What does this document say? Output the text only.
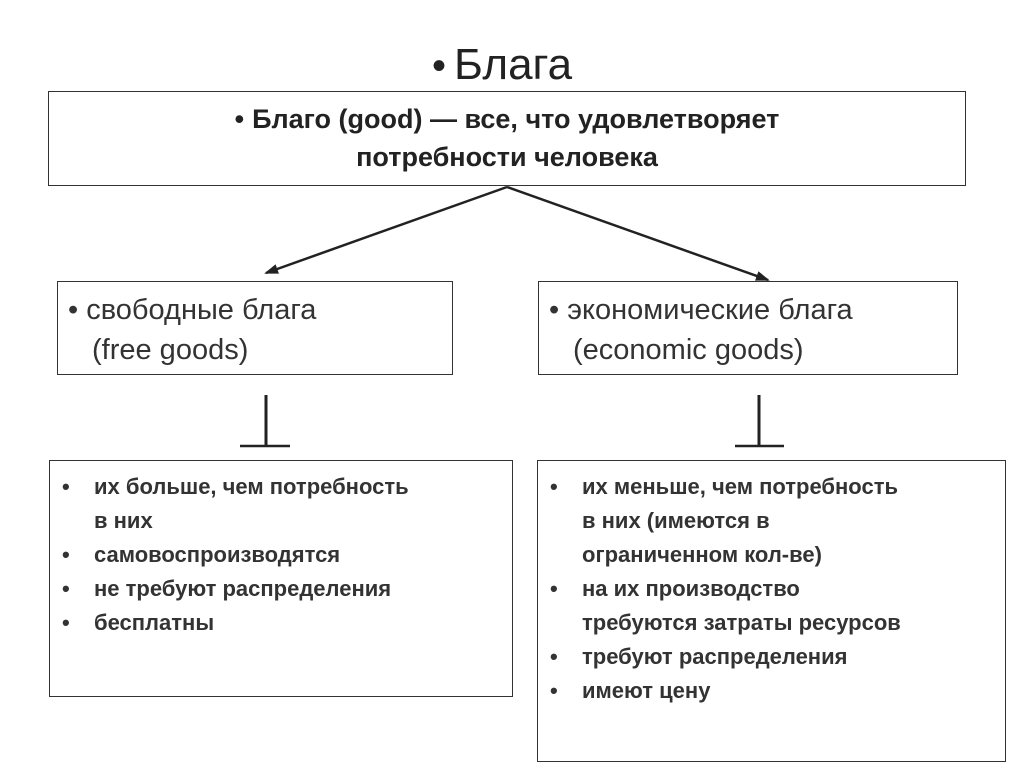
• Блага
• Благо (good) — все, что удовлетворяет
потребности человека
• свободные блага
(free goods)
• экономические блага
(economic goods)
• их больше, чем потребность
в них
• самовоспроизводятся
• не требуют распределения
• бесплатны
• их меньше, чем потребность
в них (имеются в
ограниченном кол-ве)
• на их производство
требуются затраты ресурсов
• требуют распределения
• имеют цену
